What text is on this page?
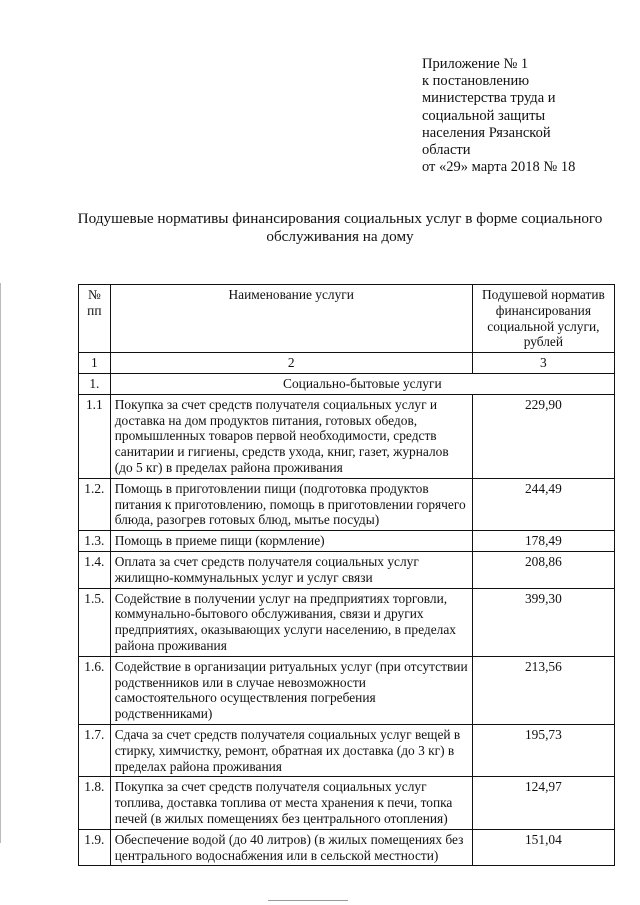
Приложение № 1
к постановлению
министерства труда и
социальной защиты
населения Рязанской
области
от «29» марта 2018 № 18
Подушевые нормативы финансирования социальных услуг в форме социального обслуживания на дому
№ пп	Наименование услуги	Подушевой норматив финансирования социальной услуги, рублей
1	2	3
1.	Социально-бытовые услуги	
1.1	Покупка за счет средств получателя социальных услуг и доставка на дом продуктов питания, готовых обедов, промышленных товаров первой необходимости, средств санитарии и гигиены, средств ухода, книг, газет, журналов (до 5 кг) в пределах района проживания	229,90
1.2.	Помощь в приготовлении пищи (подготовка продуктов питания к приготовлению, помощь в приготовлении горячего блюда, разогрев готовых блюд, мытье посуды)	244,49
1.3.	Помощь в приеме пищи (кормление)	178,49
1.4.	Оплата за счет средств получателя социальных услуг жилищно-коммунальных услуг и услуг связи	208,86
1.5.	Содействие в получении услуг на предприятиях торговли, коммунально-бытового обслуживания, связи и других предприятиях, оказывающих услуги населению, в пределах района проживания	399,30
1.6.	Содействие в организации ритуальных услуг (при отсутствии родственников или в случае невозможности самостоятельного осуществления погребения родственниками)	213,56
1.7.	Сдача за счет средств получателя социальных услуг вещей в стирку, химчистку, ремонт, обратная их доставка (до 3 кг) в пределах района проживания	195,73
1.8.	Покупка за счет средств получателя социальных услуг топлива, доставка топлива от места хранения к печи, топка печей (в жилых помещениях без центрального отопления)	124,97
1.9.	Обеспечение водой (до 40 литров) (в жилых помещениях без центрального водоснабжения или в сельской местности)	151,04
